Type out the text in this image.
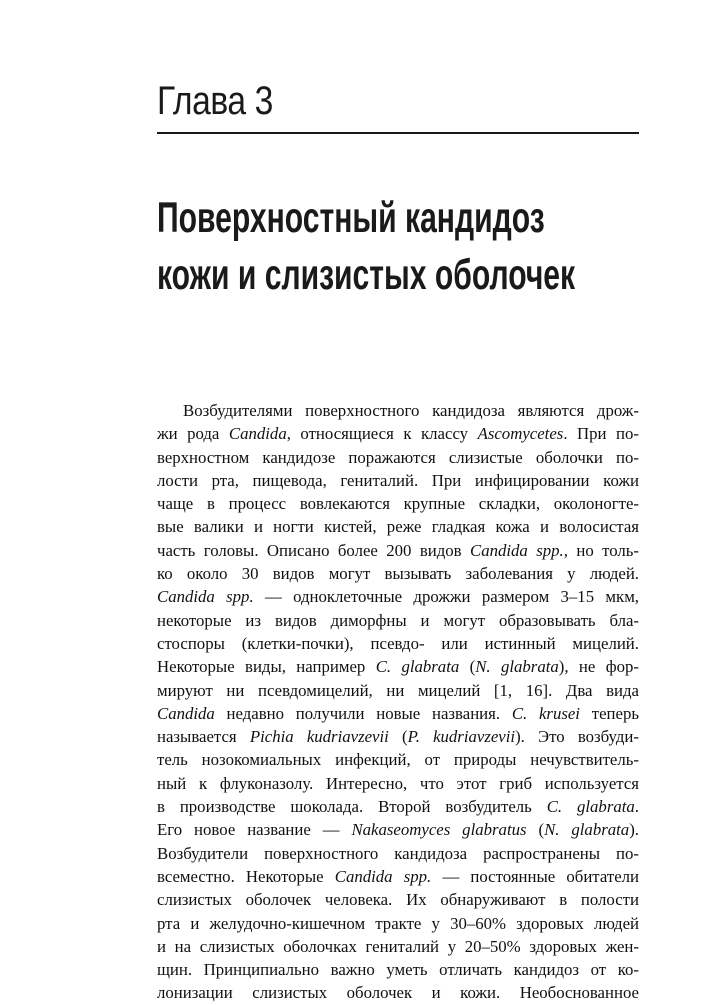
Глава 3
Поверхностный кандидоз
кожи и слизистых оболочек
Возбудителями поверхностного кандидоза являются дрож-
жи рода Candida, относящиеся к классу Ascomycetes. При по-
верхностном кандидозе поражаются слизистые оболочки по-
лости рта, пищевода, гениталий. При инфицировании кожи
чаще в процесс вовлекаются крупные складки, околоногте-
вые валики и ногти кистей, реже гладкая кожа и волосистая
часть головы. Описано более 200 видов Candida spp., но толь-
ко около 30 видов могут вызывать заболевания у людей.
Candida spp. — одноклеточные дрожжи размером 3–15 мкм,
некоторые из видов диморфны и могут образовывать бла-
стоспоры (клетки-почки), псевдо- или истинный мицелий.
Некоторые виды, например C. glabrata (N. glabrata), не фор-
мируют ни псевдомицелий, ни мицелий [1, 16]. Два вида
Candida недавно получили новые названия. C. krusei теперь
называется Pichia kudriavzevii (P. kudriavzevii). Это возбуди-
тель нозокомиальных инфекций, от природы нечувствитель-
ный к флуконазолу. Интересно, что этот гриб используется
в производстве шоколада. Второй возбудитель C. glabrata.
Его новое название — Nakaseomyces glabratus (N. glabrata).
Возбудители поверхностного кандидоза распространены по-
всеместно. Некоторые Candida spp. — постоянные обитатели
слизистых оболочек человека. Их обнаруживают в полости
рта и желудочно-кишечном тракте у 30–60% здоровых людей
и на слизистых оболочках гениталий у 20–50% здоровых жен-
щин. Принципиально важно уметь отличать кандидоз от ко-
лонизации слизистых оболочек и кожи. Необоснованное
